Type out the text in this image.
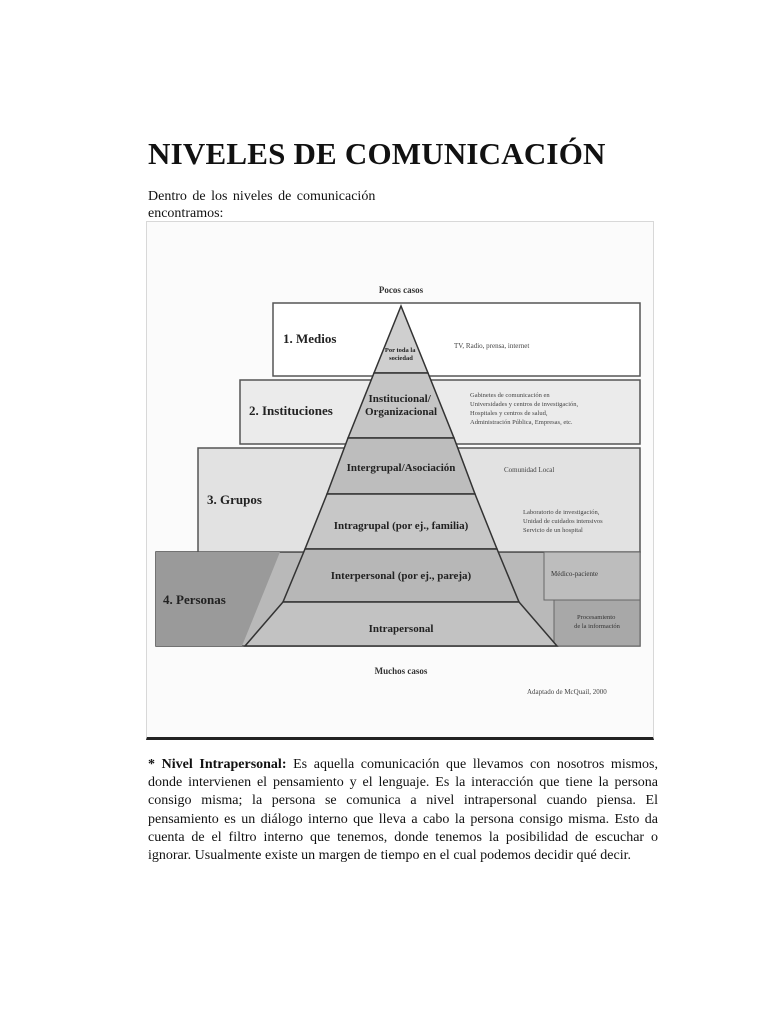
NIVELES DE COMUNICACIÓN

Dentro de los niveles de comunicación encontramos:

Pocos casos
Muchos casos
Adaptado de McQuail, 2000
Por toda la sociedad
Institucional/ Organizacional
Intergrupal/Asociación
Intragrupal (por ej., familia)
Interpersonal (por ej., pareja)
Intrapersonal
1. Medios
2. Instituciones
3. Grupos
4. Personas
TV, Radio, prensa, internet
Gabinetes de comunicación en Universidades y centros de investigación, Hospitales y centros de salud, Administración Pública, Empresas, etc.
Comunidad Local
Laboratorio de investigación, Unidad de cuidados intensivos Servicio de un hospital
Médico-paciente
Procesamiento de la información

* Nivel Intrapersonal: Es aquella comunicación que llevamos con nosotros mismos, donde intervienen el pensamiento y el lenguaje. Es la interacción que tiene la persona consigo misma; la persona se comunica a nivel intrapersonal cuando piensa. El pensamiento es un diálogo interno que lleva a cabo la persona consigo misma. Esto da cuenta de el filtro interno que tenemos, donde tenemos la posibilidad de escuchar o ignorar. Usualmente existe un margen de tiempo en el cual podemos decidir qué decir.
